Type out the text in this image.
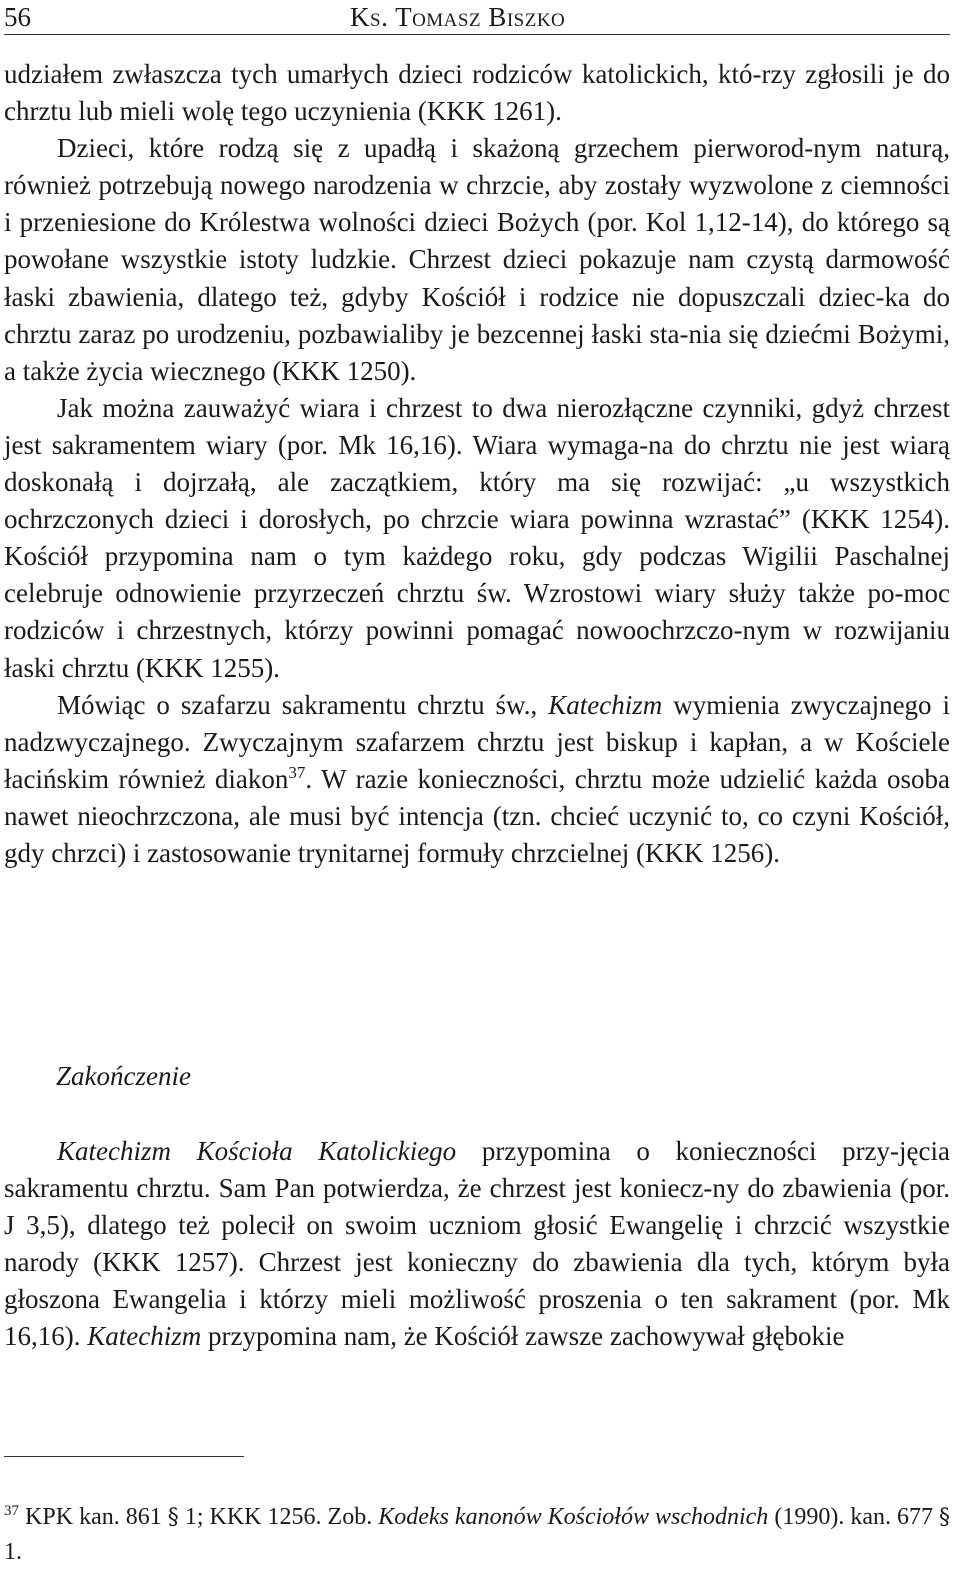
56	Ks. Tomasz Biszko

udziałem zwłaszcza tych umarłych dzieci rodziców katolickich, któ-rzy zgłosili je do chrztu lub mieli wolę tego uczynienia (KKK 1261).

Dzieci, które rodzą się z upadłą i skażoną grzechem pierworod-nym naturą, również potrzebują nowego narodzenia w chrzcie, aby zostały wyzwolone z ciemności i przeniesione do Królestwa wolności dzieci Bożych (por. Kol 1,12-14), do którego są powołane wszystkie istoty ludzkie. Chrzest dzieci pokazuje nam czystą darmowość łaski zbawienia, dlatego też, gdyby Kościół i rodzice nie dopuszczali dziec-ka do chrztu zaraz po urodzeniu, pozbawialiby je bezcennej łaski sta-nia się dziećmi Bożymi, a także życia wiecznego (KKK 1250).

Jak można zauważyć wiara i chrzest to dwa nierozłączne czynniki, gdyż chrzest jest sakramentem wiary (por. Mk 16,16). Wiara wymaga-na do chrztu nie jest wiarą doskonałą i dojrzałą, ale zaczątkiem, który ma się rozwijać: „u wszystkich ochrzczonych dzieci i dorosłych, po chrzcie wiara powinna wzrastać” (KKK 1254). Kościół przypomina nam o tym każdego roku, gdy podczas Wigilii Paschalnej celebruje odnowienie przyrzeczeń chrztu św. Wzrostowi wiary służy także po-moc rodziców i chrzestnych, którzy powinni pomagać nowoochrzczo-nym w rozwijaniu łaski chrztu (KKK 1255).

Mówiąc o szafarzu sakramentu chrztu św., Katechizm wymienia zwyczajnego i nadzwyczajnego. Zwyczajnym szafarzem chrztu jest biskup i kapłan, a w Kościele łacińskim również diakon$^{37}$. W razie konieczności, chrztu może udzielić każda osoba nawet nieochrzczona, ale musi być intencja (tzn. chcieć uczynić to, co czyni Kościół, gdy chrzci) i zastosowanie trynitarnej formuły chrzcielnej (KKK 1256).

Zakończenie

Katechizm Kościoła Katolickiego przypomina o konieczności przy-jęcia sakramentu chrztu. Sam Pan potwierdza, że chrzest jest koniecz-ny do zbawienia (por. J 3,5), dlatego też polecił on swoim uczniom głosić Ewangelię i chrzcić wszystkie narody (KKK 1257). Chrzest jest konieczny do zbawienia dla tych, którym była głoszona Ewangelia i którzy mieli możliwość proszenia o ten sakrament (por. Mk 16,16). Katechizm przypomina nam, że Kościół zawsze zachowywał głębokie

$^{37}$ KPK kan. 861 § 1; KKK 1256. Zob. Kodeks kanonów Kościołów wschodnich (1990). kan. 677 § 1.
